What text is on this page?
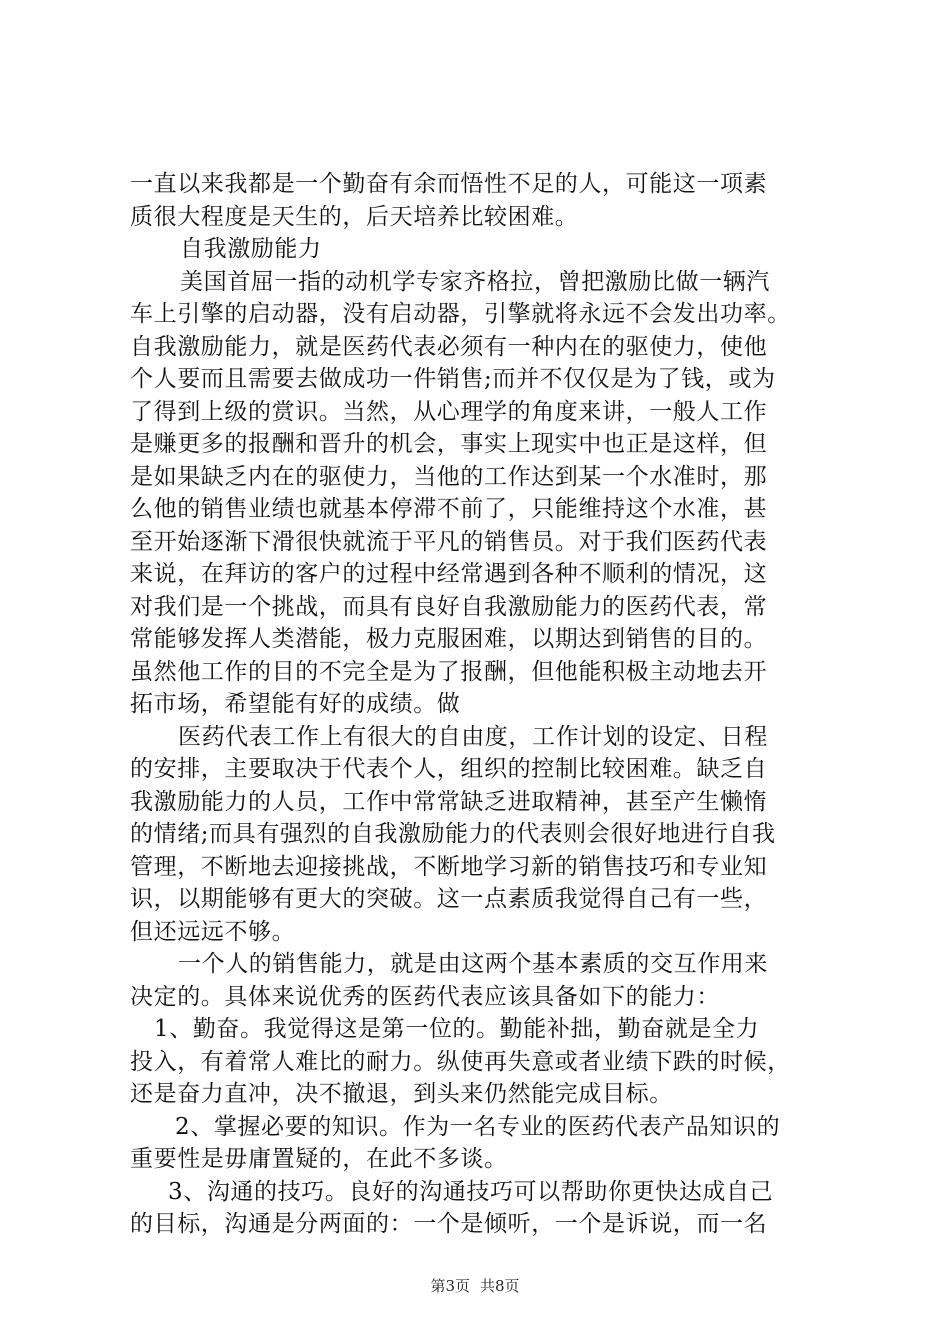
一直以来我都是一个勤奋有余而悟性不足的人，可能这一项素
质很大程度是天生的，后天培养比较困难。
自我激励能力
美国首屈一指的动机学专家齐格拉，曾把激励比做一辆汽
车上引擎的启动器，没有启动器，引擎就将永远不会发出功率。
自我激励能力，就是医药代表必须有一种内在的驱使力，使他
个人要而且需要去做成功一件销售;而并不仅仅是为了钱，或为
了得到上级的赏识。当然，从心理学的角度来讲，一般人工作
是赚更多的报酬和晋升的机会，事实上现实中也正是这样，但
是如果缺乏内在的驱使力，当他的工作达到某一个水准时，那
么他的销售业绩也就基本停滞不前了，只能维持这个水准，甚
至开始逐渐下滑很快就流于平凡的销售员。对于我们医药代表
来说，在拜访的客户的过程中经常遇到各种不顺利的情况，这
对我们是一个挑战，而具有良好自我激励能力的医药代表，常
常能够发挥人类潜能，极力克服困难，以期达到销售的目的。
虽然他工作的目的不完全是为了报酬，但他能积极主动地去开
拓市场，希望能有好的成绩。做
医药代表工作上有很大的自由度，工作计划的设定、日程
的安排，主要取决于代表个人，组织的控制比较困难。缺乏自
我激励能力的人员，工作中常常缺乏进取精神，甚至产生懒惰
的情绪;而具有强烈的自我激励能力的代表则会很好地进行自我
管理，不断地去迎接挑战，不断地学习新的销售技巧和专业知
识，以期能够有更大的突破。这一点素质我觉得自己有一些，
但还远远不够。
一个人的销售能力，就是由这两个基本素质的交互作用来
决定的。具体来说优秀的医药代表应该具备如下的能力：
1、勤奋。我觉得这是第一位的。勤能补拙，勤奋就是全力
投入，有着常人难比的耐力。纵使再失意或者业绩下跌的时候，
还是奋力直冲，决不撤退，到头来仍然能完成目标。
2、掌握必要的知识。作为一名专业的医药代表产品知识的
重要性是毋庸置疑的，在此不多谈。
3、沟通的技巧。良好的沟通技巧可以帮助你更快达成自己
的目标，沟通是分两面的：一个是倾听，一个是诉说，而一名
第3页 共8页
